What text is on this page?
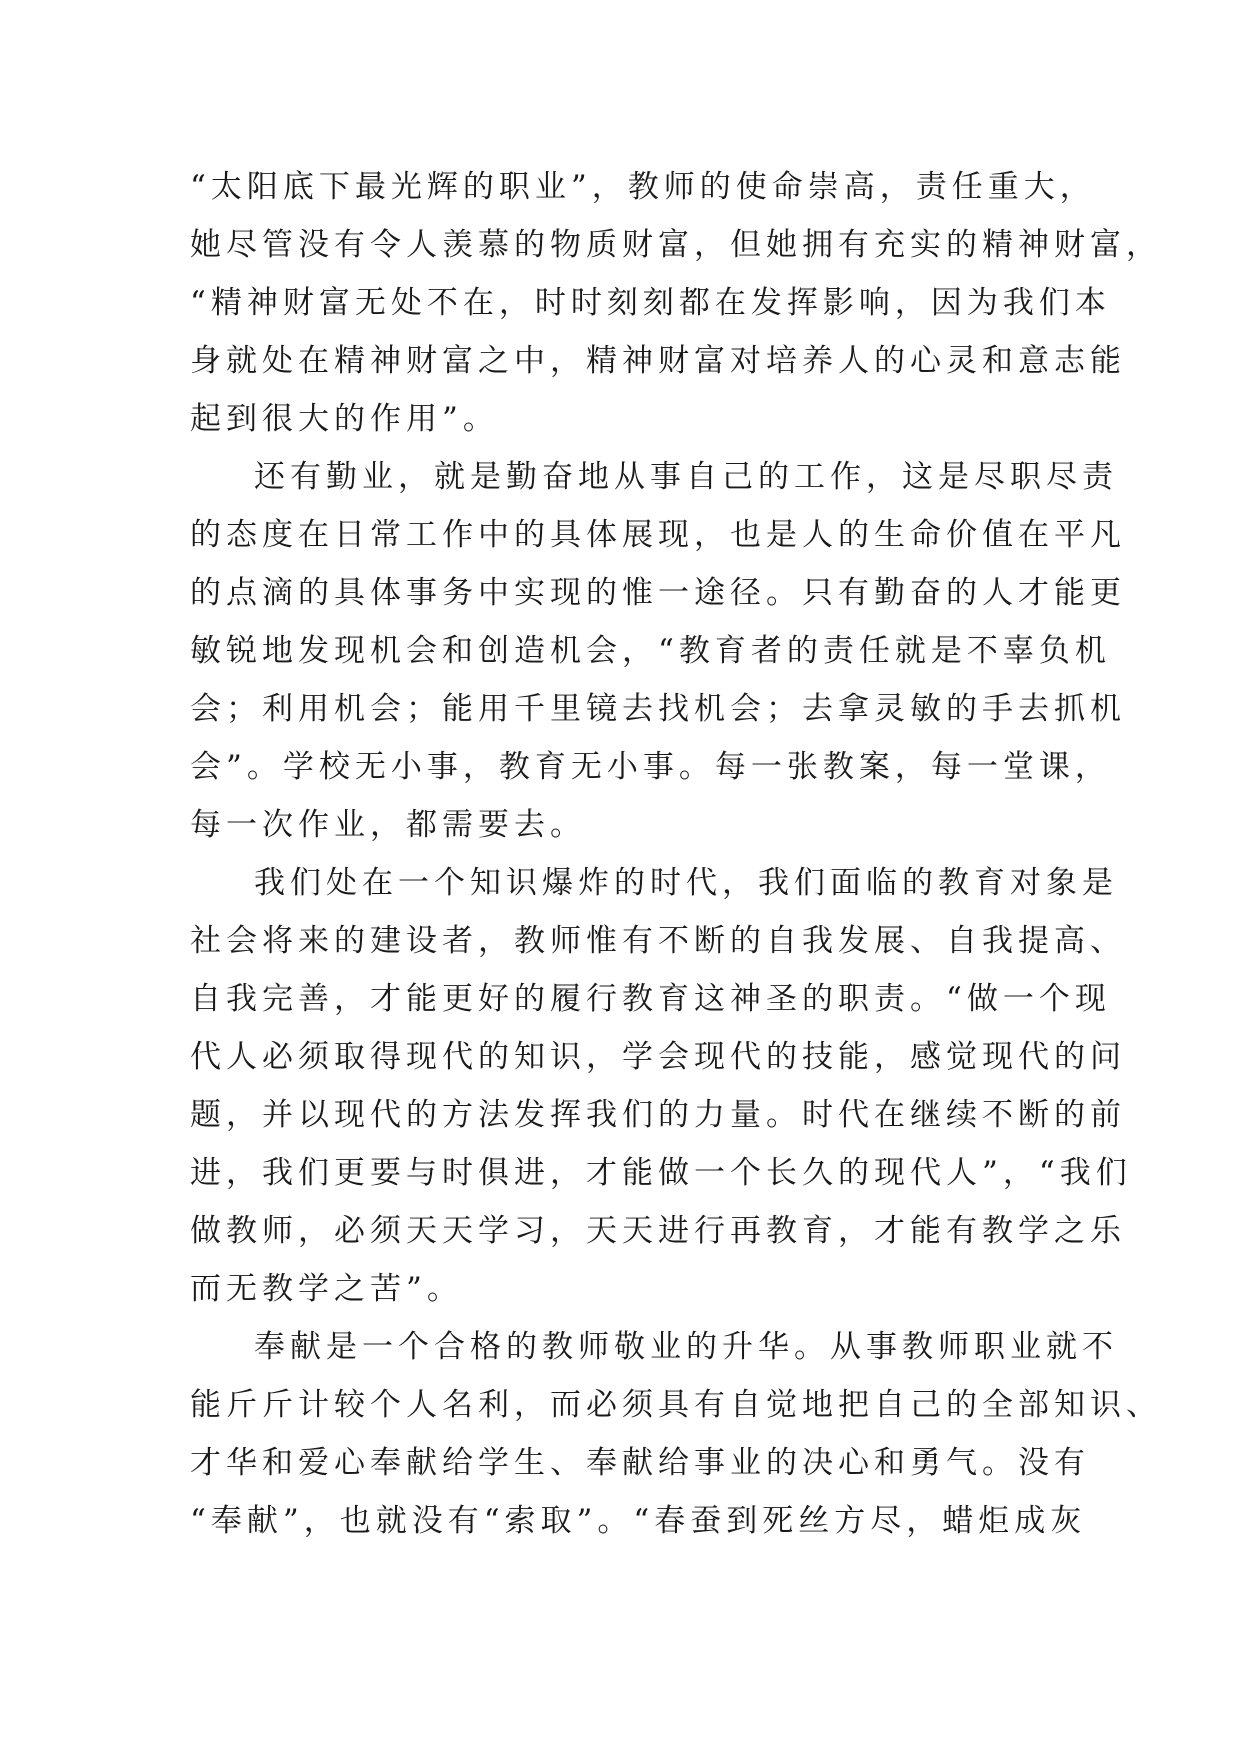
“太阳底下最光辉的职业”，教师的使命崇高，责任重大，
她尽管没有令人羡慕的物质财富，但她拥有充实的精神财富，
“精神财富无处不在，时时刻刻都在发挥影响，因为我们本
身就处在精神财富之中，精神财富对培养人的心灵和意志能
起到很大的作用”。
还有勤业，就是勤奋地从事自己的工作，这是尽职尽责
的态度在日常工作中的具体展现，也是人的生命价值在平凡
的点滴的具体事务中实现的惟一途径。只有勤奋的人才能更
敏锐地发现机会和创造机会，“教育者的责任就是不辜负机
会；利用机会；能用千里镜去找机会；去拿灵敏的手去抓机
会”。学校无小事，教育无小事。每一张教案，每一堂课，
每一次作业，都需要去。
我们处在一个知识爆炸的时代，我们面临的教育对象是
社会将来的建设者，教师惟有不断的自我发展、自我提高、
自我完善，才能更好的履行教育这神圣的职责。“做一个现
代人必须取得现代的知识，学会现代的技能，感觉现代的问
题，并以现代的方法发挥我们的力量。时代在继续不断的前
进，我们更要与时俱进，才能做一个长久的现代人”，“我们
做教师，必须天天学习，天天进行再教育，才能有教学之乐
而无教学之苦”。
奉献是一个合格的教师敬业的升华。从事教师职业就不
能斤斤计较个人名利，而必须具有自觉地把自己的全部知识、
才华和爱心奉献给学生、奉献给事业的决心和勇气。没有
“奉献”，也就没有“索取”。“春蚕到死丝方尽，蜡炬成灰
